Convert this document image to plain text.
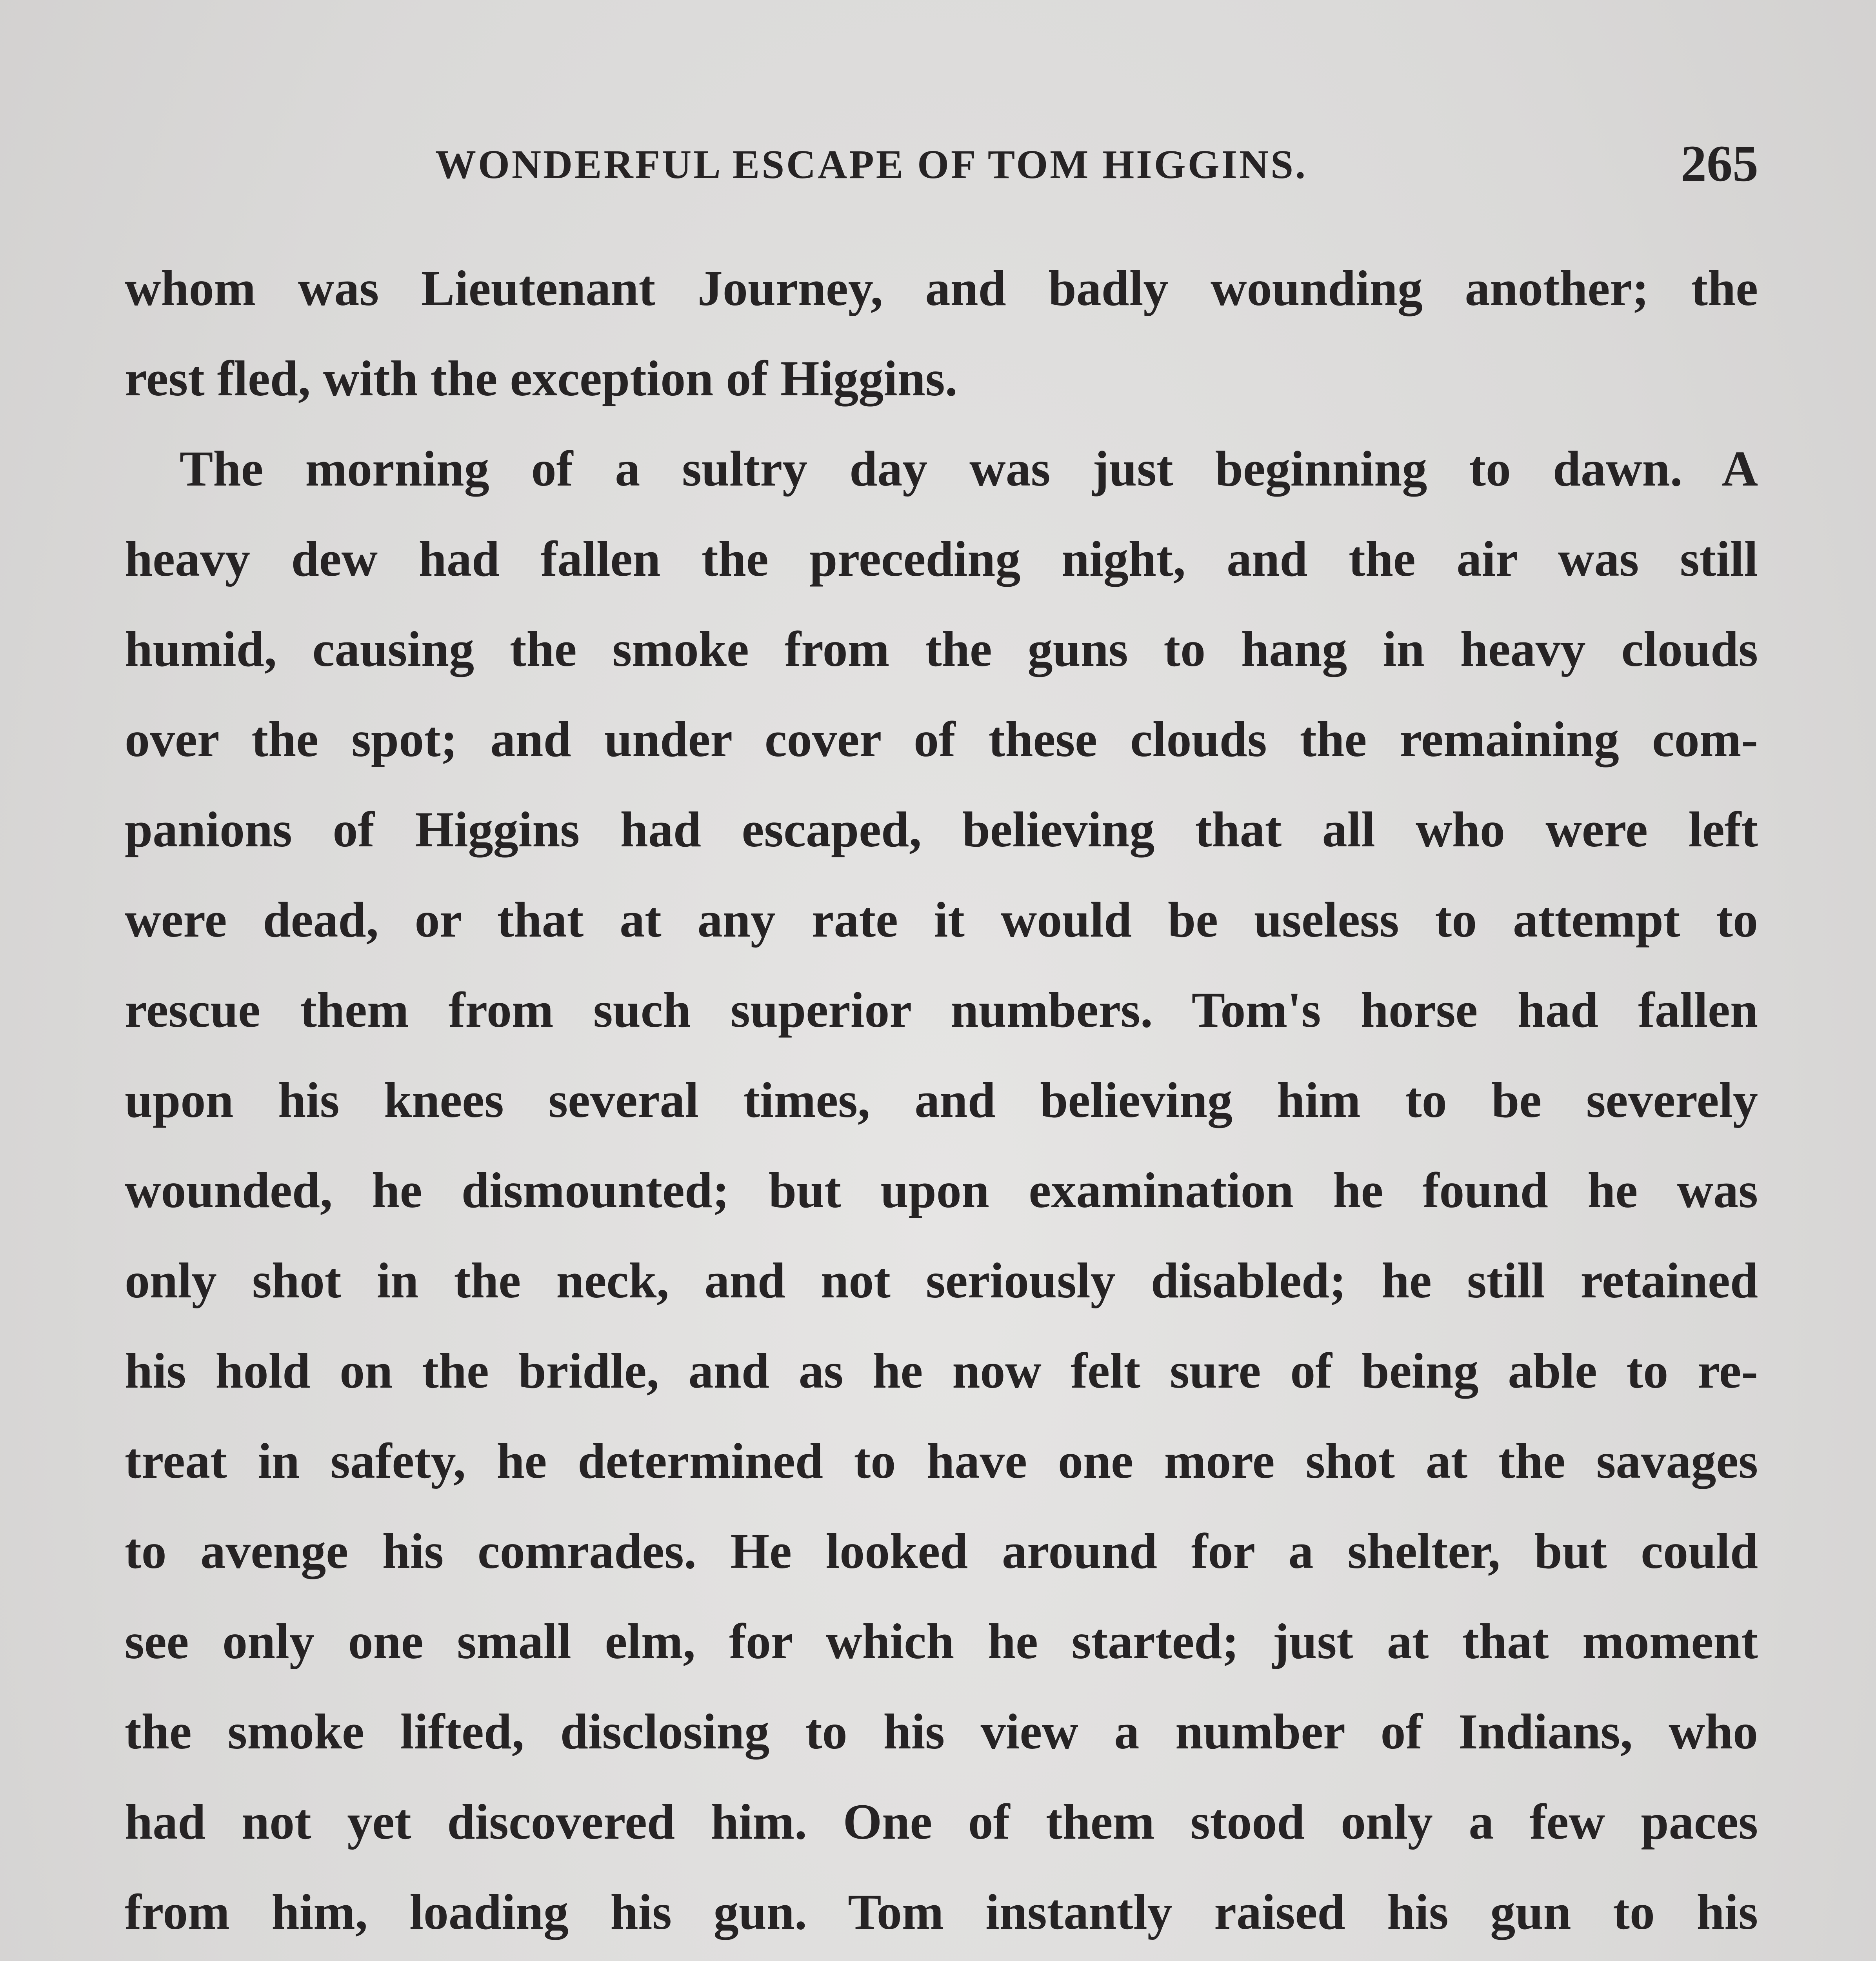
WONDERFUL ESCAPE OF TOM HIGGINS.	265
whom was Lieutenant Journey, and badly wounding another; the
rest fled, with the exception of Higgins.
The morning of a sultry day was just beginning to dawn. A
heavy dew had fallen the preceding night, and the air was still
humid, causing the smoke from the guns to hang in heavy clouds
over the spot; and under cover of these clouds the remaining com-
panions of Higgins had escaped, believing that all who were left
were dead, or that at any rate it would be useless to attempt to
rescue them from such superior numbers. Tom's horse had fallen
upon his knees several times, and believing him to be severely
wounded, he dismounted; but upon examination he found he was
only shot in the neck, and not seriously disabled; he still retained
his hold on the bridle, and as he now felt sure of being able to re-
treat in safety, he determined to have one more shot at the savages
to avenge his comrades. He looked around for a shelter, but could
see only one small elm, for which he started; just at that moment
the smoke lifted, disclosing to his view a number of Indians, who
had not yet discovered him. One of them stood only a few paces
from him, loading his gun. Tom instantly raised his gun to his
